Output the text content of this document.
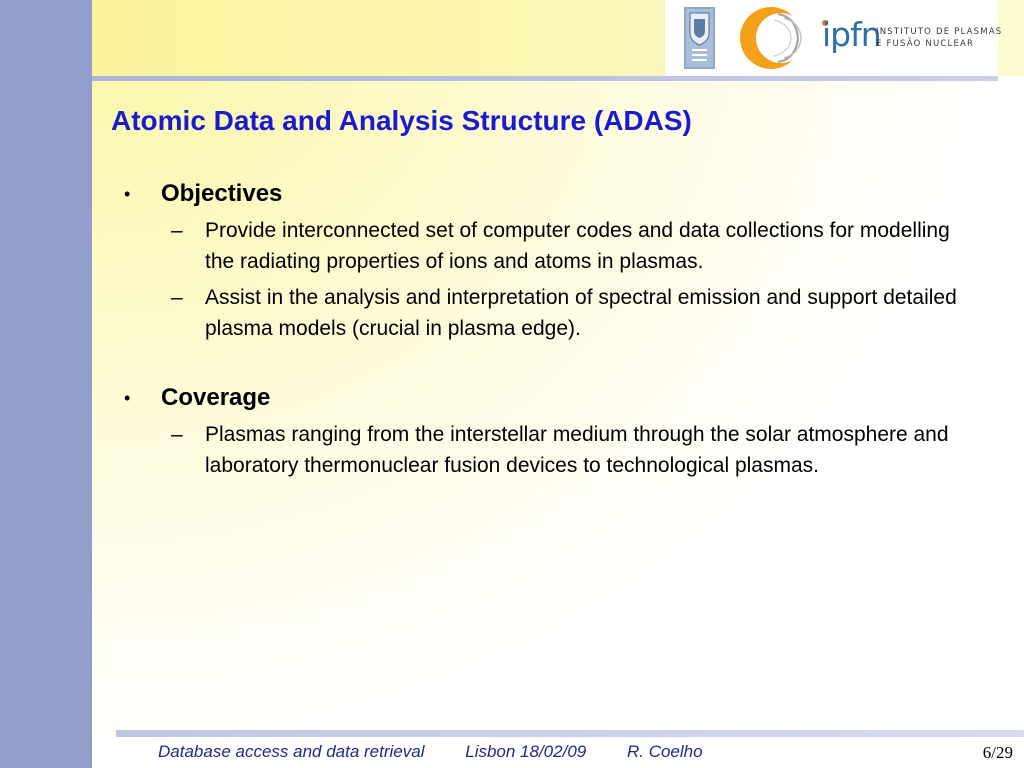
ipfn
INSTITUTO DE PLASMAS
E FUSÃO NUCLEAR
Atomic Data and Analysis Structure (ADAS)
• Objectives
– Provide interconnected set of computer codes and data collections for modelling the radiating properties of ions and atoms in plasmas.
– Assist in the analysis and interpretation of spectral emission and support detailed plasma models (crucial in plasma edge).
• Coverage
– Plasmas ranging from the interstellar medium through the solar atmosphere and laboratory thermonuclear fusion devices to technological plasmas.
Database access and data retrieval Lisbon 18/02/09 R. Coelho	6/29
